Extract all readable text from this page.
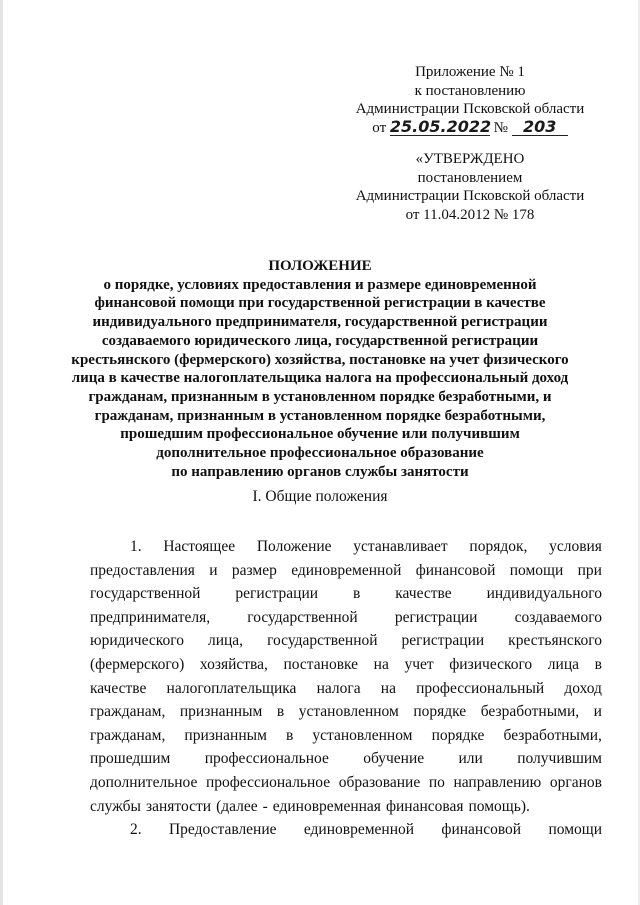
Приложение № 1
к постановлению
Администрации Псковской области
от 25.05.2022 № 203
«УТВЕРЖДЕНО
постановлением
Администрации Псковской области
от 11.04.2012 № 178
ПОЛОЖЕНИЕ
о порядке, условиях предоставления и размере единовременной
финансовой помощи при государственной регистрации в качестве
индивидуального предпринимателя, государственной регистрации
создаваемого юридического лица, государственной регистрации
крестьянского (фермерского) хозяйства, постановке на учет физического
лица в качестве налогоплательщика налога на профессиональный доход
гражданам, признанным в установленном порядке безработными, и
гражданам, признанным в установленном порядке безработными,
прошедшим профессиональное обучение или получившим
дополнительное профессиональное образование
по направлению органов службы занятости
I. Общие положения
1. Настоящее Положение устанавливает порядок, условия
предоставления и размер единовременной финансовой помощи при
государственной регистрации в качестве индивидуального
предпринимателя, государственной регистрации создаваемого
юридического лица, государственной регистрации крестьянского
(фермерского) хозяйства, постановке на учет физического лица в
качестве налогоплательщика налога на профессиональный доход
гражданам, признанным в установленном порядке безработными, и
гражданам, признанным в установленном порядке безработными,
прошедшим профессиональное обучение или получившим
дополнительное профессиональное образование по направлению органов
службы занятости (далее - единовременная финансовая помощь).
2. Предоставление единовременной финансовой помощи
